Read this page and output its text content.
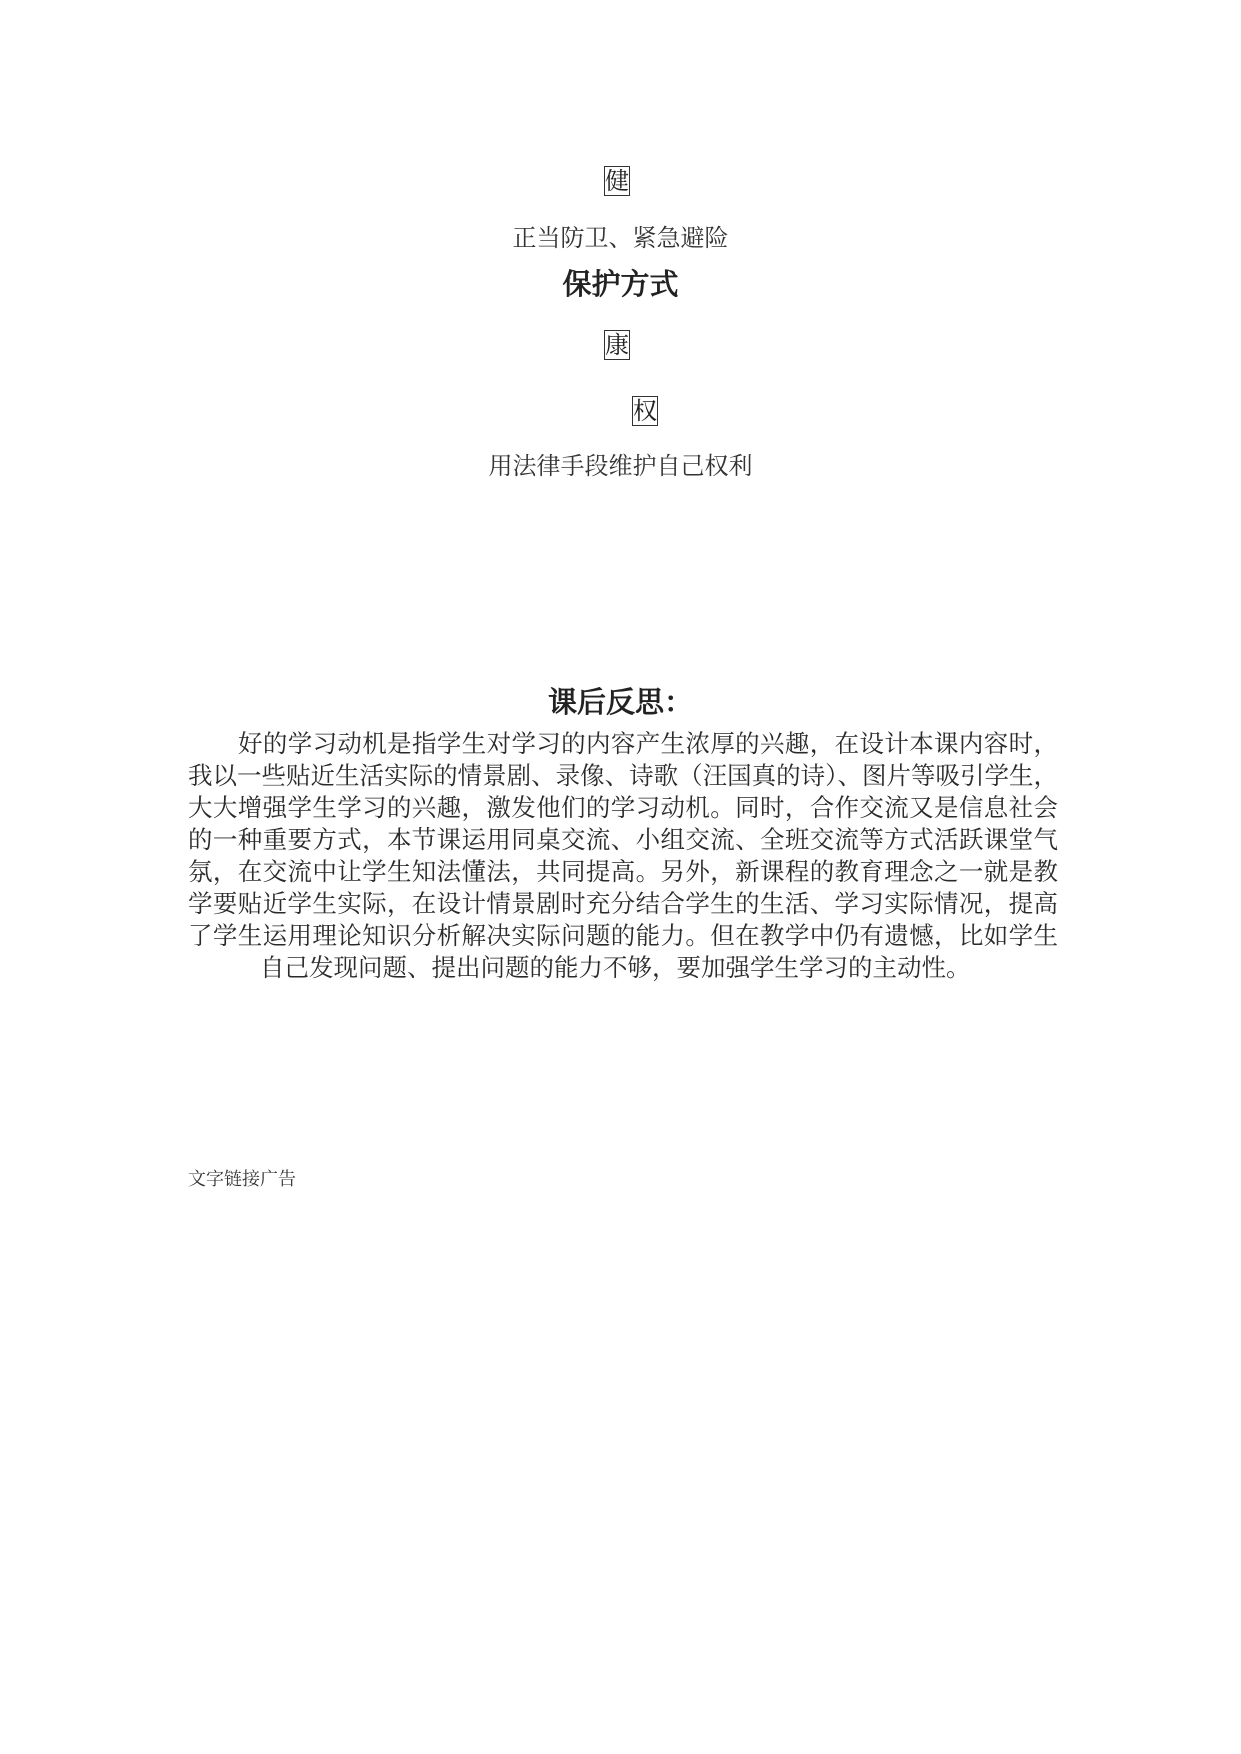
健
正当防卫、紧急避险
保护方式
康
权
用法律手段维护自己权利
课后反思：
好的学习动机是指学生对学习的内容产生浓厚的兴趣，在设计本课内容时，
我以一些贴近生活实际的情景剧、录像、诗歌（汪国真的诗）、图片等吸引学生，
大大增强学生学习的兴趣，激发他们的学习动机。同时，合作交流又是信息社会
的一种重要方式，本节课运用同桌交流、小组交流、全班交流等方式活跃课堂气
氛，在交流中让学生知法懂法，共同提高。另外，新课程的教育理念之一就是教
学要贴近学生实际，在设计情景剧时充分结合学生的生活、学习实际情况，提高
了学生运用理论知识分析解决实际问题的能力。但在教学中仍有遗憾，比如学生
自己发现问题、提出问题的能力不够，要加强学生学习的主动性。
文字链接广告
